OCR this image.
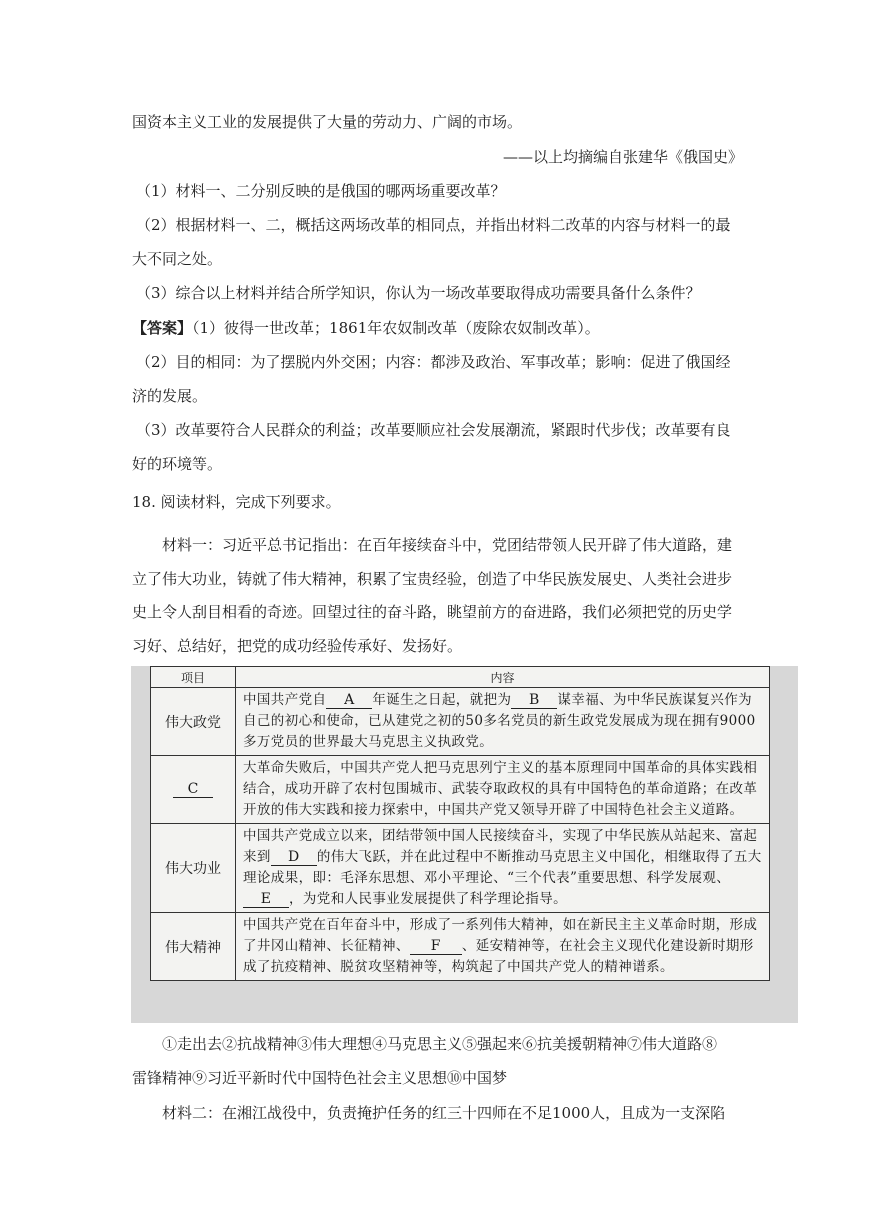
国资本主义工业的发展提供了大量的劳动力、广阔的市场。
——以上均摘编自张建华《俄国史》
（1）材料一、二分别反映的是俄国的哪两场重要改革？
（2）根据材料一、二，概括这两场改革的相同点，并指出材料二改革的内容与材料一的最
大不同之处。
（3）综合以上材料并结合所学知识，你认为一场改革要取得成功需要具备什么条件？
【答案】（1）彼得一世改革；1861年农奴制改革（废除农奴制改革）。
（2）目的相同：为了摆脱内外交困；内容：都涉及政治、军事改革；影响：促进了俄国经
济的发展。
（3）改革要符合人民群众的利益；改革要顺应社会发展潮流，紧跟时代步伐；改革要有良
好的环境等。
18. 阅读材料，完成下列要求。
材料一：习近平总书记指出：在百年接续奋斗中，党团结带领人民开辟了伟大道路，建
立了伟大功业，铸就了伟大精神，积累了宝贵经验，创造了中华民族发展史、人类社会进步
史上令人刮目相看的奇迹。回望过往的奋斗路，眺望前方的奋进路，我们必须把党的历史学
习好、总结好，把党的成功经验传承好、发扬好。
项目	内容
伟大政党	中国共产党自 A 年诞生之日起，就把为 B 谋幸福、为中华民族谋复兴作为自己的初心和使命，已从建党之初的50多名党员的新生政党发展成为现在拥有9000多万党员的世界最大马克思主义执政党。
C	大革命失败后，中国共产党人把马克思列宁主义的基本原理同中国革命的具体实践相结合，成功开辟了农村包围城市、武装夺取政权的具有中国特色的革命道路；在改革开放的伟大实践和接力探索中，中国共产党又领导开辟了中国特色社会主义道路。
伟大功业	中国共产党成立以来，团结带领中国人民接续奋斗，实现了中华民族从站起来、富起来到 D 的伟大飞跃，并在此过程中不断推动马克思主义中国化，相继取得了五大理论成果，即：毛泽东思想、邓小平理论、“三个代表”重要思想、科学发展观、E ，为党和人民事业发展提供了科学理论指导。
伟大精神	中国共产党在百年奋斗中，形成了一系列伟大精神，如在新民主主义革命时期，形成了井冈山精神、长征精神、 F 、延安精神等，在社会主义现代化建设新时期形成了抗疫精神、脱贫攻坚精神等，构筑起了中国共产党人的精神谱系。
①走出去②抗战精神③伟大理想④马克思主义⑤强起来⑥抗美援朝精神⑦伟大道路⑧
雷锋精神⑨习近平新时代中国特色社会主义思想⑩中国梦
材料二：在湘江战役中，负责掩护任务的红三十四师在不足1000人，且成为一支深陷
